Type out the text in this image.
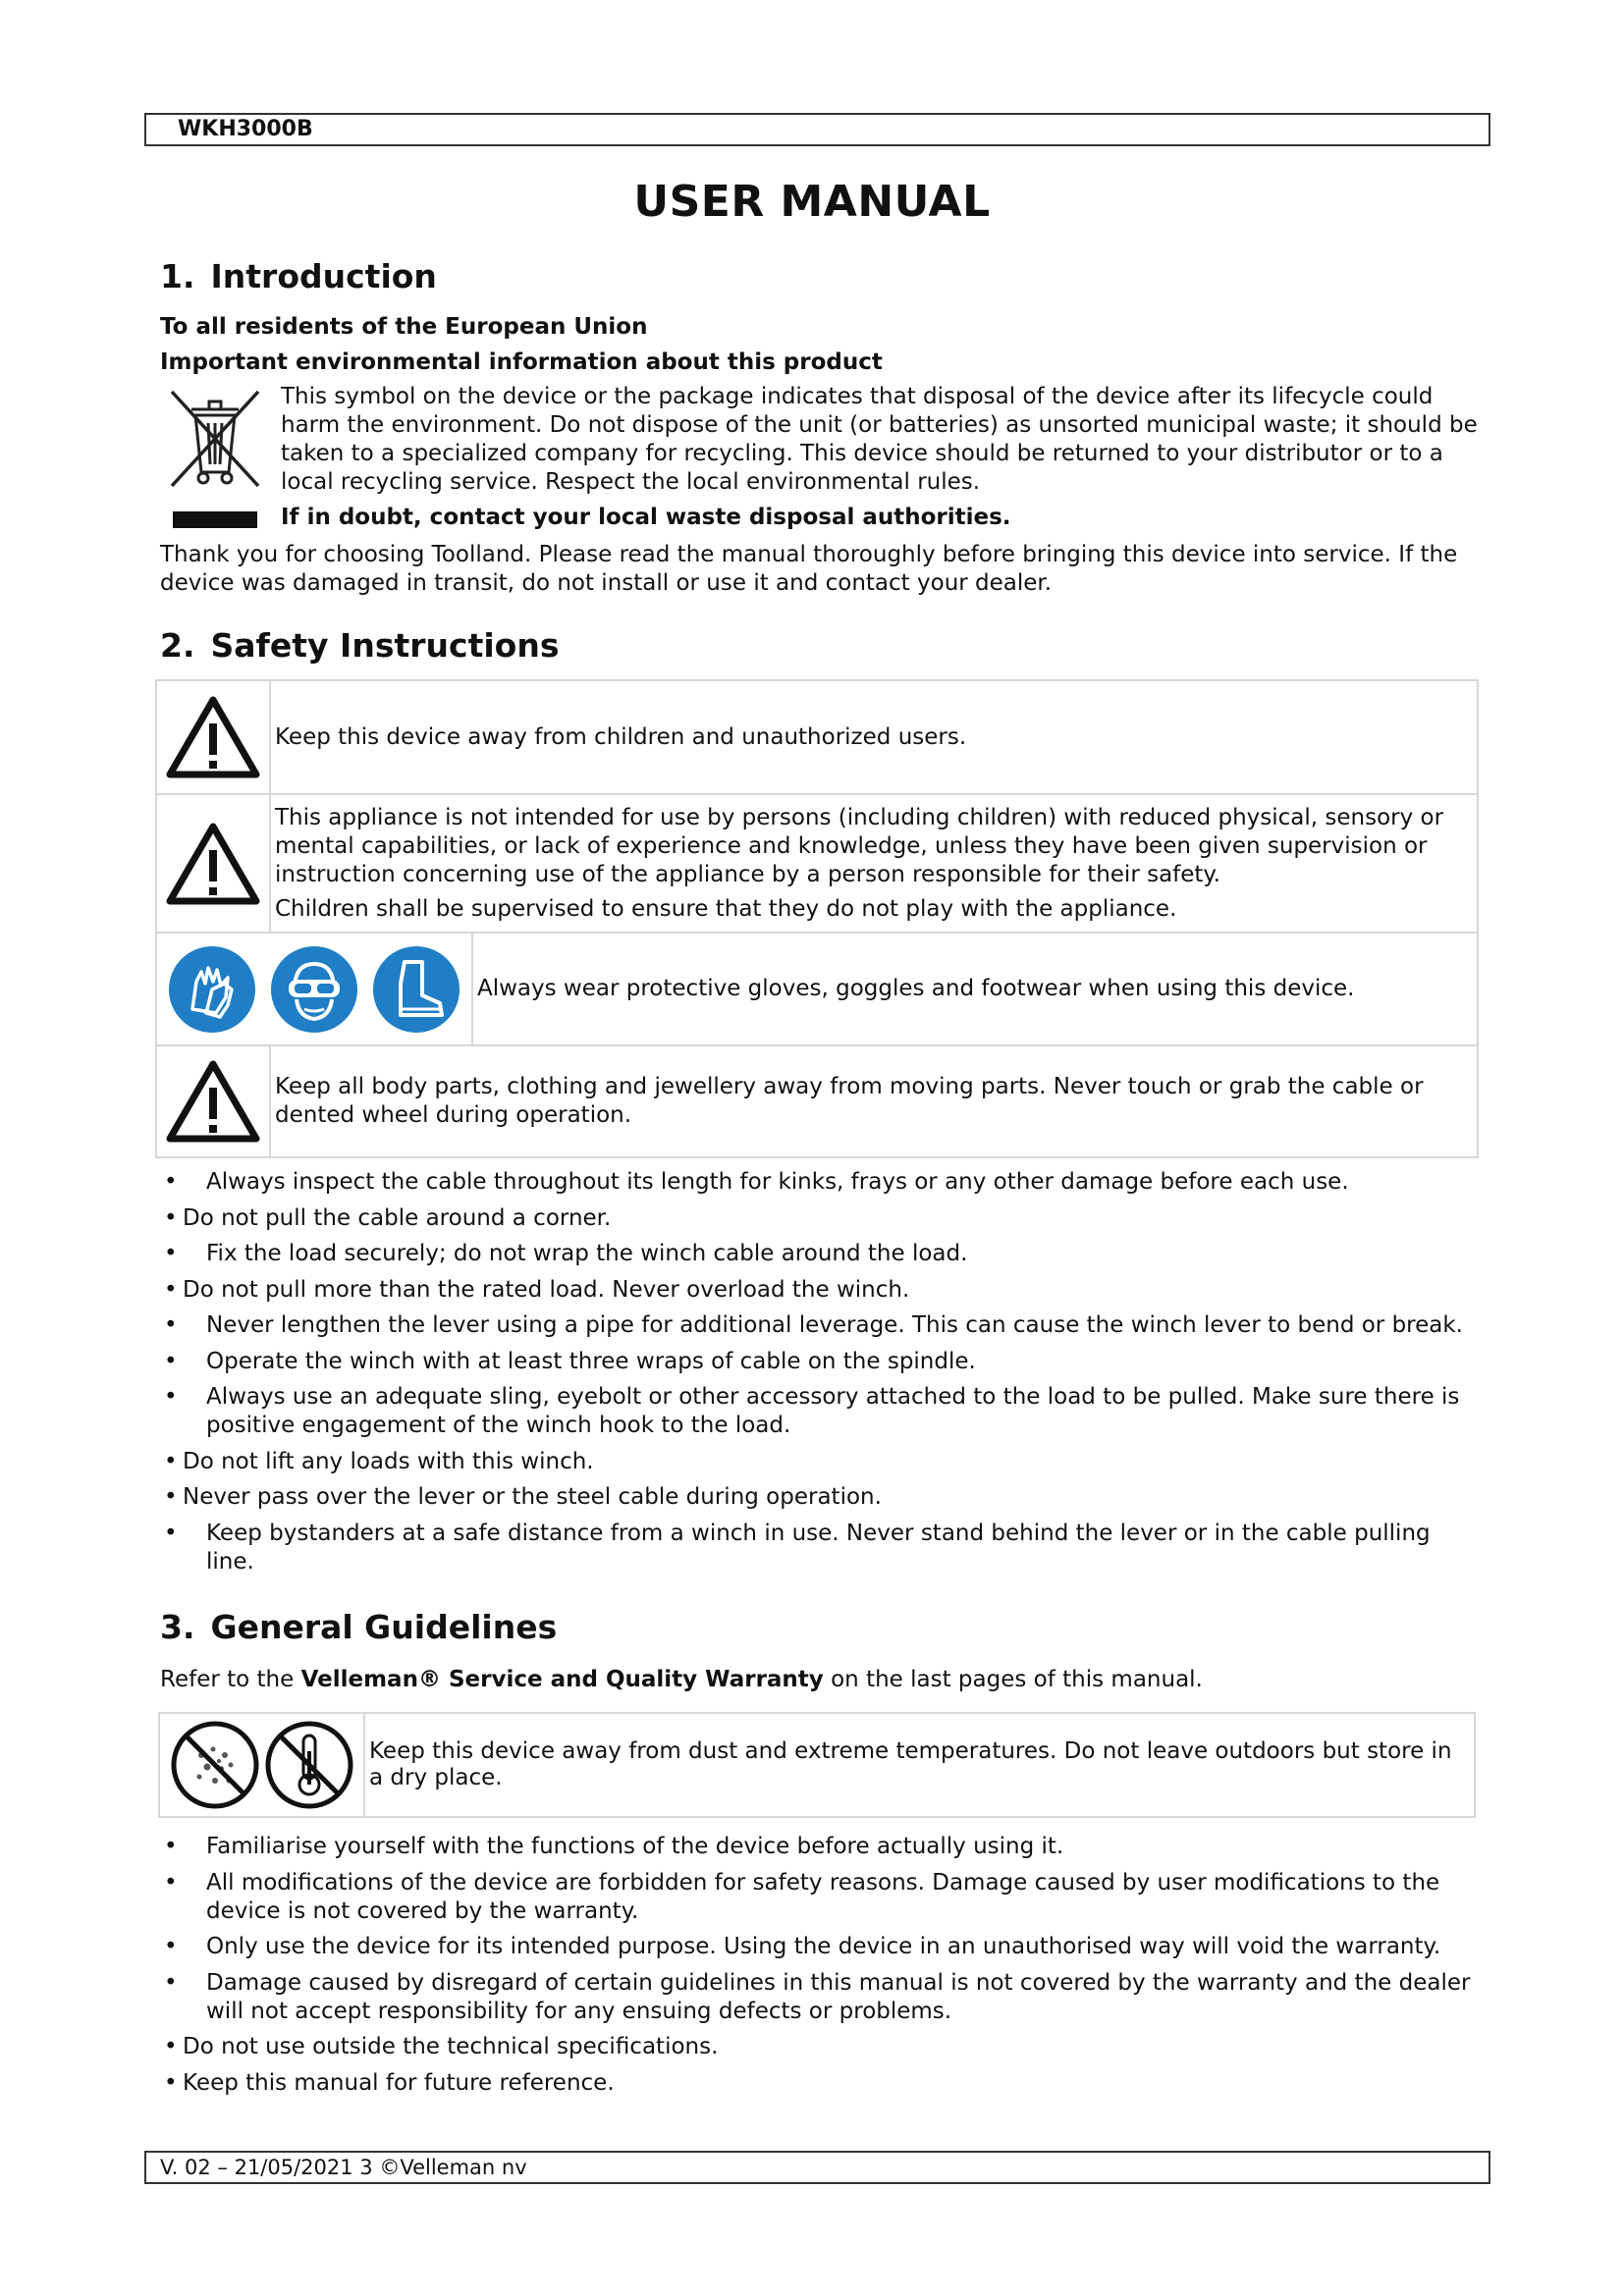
WKH3000B
USER MANUAL
1. Introduction
To all residents of the European Union
Important environmental information about this product
This symbol on the device or the package indicates that disposal of the device after its lifecycle could harm the environment. Do not dispose of the unit (or batteries) as unsorted municipal waste; it should be taken to a specialized company for recycling. This device should be returned to your distributor or to a local recycling service. Respect the local environmental rules.
If in doubt, contact your local waste disposal authorities.
Thank you for choosing Toolland. Please read the manual thoroughly before bringing this device into service. If the device was damaged in transit, do not install or use it and contact your dealer.
2. Safety Instructions

Keep this device away from children and unauthorized users.

This appliance is not intended for use by persons (including children) with reduced physical, sensory or mental capabilities, or lack of experience and knowledge, unless they have been given supervision or instruction concerning use of the appliance by a person responsible for their safety.

Children shall be supervised to ensure that they do not play with the appliance.

Always wear protective gloves, goggles and footwear when using this device.

Keep all body parts, clothing and jewellery away from moving parts. Never touch or grab the cable or dented wheel during operation.

• Always inspect the cable throughout its length for kinks, frays or any other damage before each use.
• Do not pull the cable around a corner.
• Fix the load securely; do not wrap the winch cable around the load.
• Do not pull more than the rated load. Never overload the winch.
• Never lengthen the lever using a pipe for additional leverage. This can cause the winch lever to bend or break.
• Operate the winch with at least three wraps of cable on the spindle.
• Always use an adequate sling, eyebolt or other accessory attached to the load to be pulled. Make sure there is positive engagement of the winch hook to the load.
• Do not lift any loads with this winch.
• Never pass over the lever or the steel cable during operation.
• Keep bystanders at a safe distance from a winch in use. Never stand behind the lever or in the cable pulling line.
3. General Guidelines
Refer to the Velleman® Service and Quality Warranty on the last pages of this manual.
Keep this device away from dust and extreme temperatures. Do not leave outdoors but store in a dry place.
• Familiarise yourself with the functions of the device before actually using it.
• All modifications of the device are forbidden for safety reasons. Damage caused by user modifications to the device is not covered by the warranty.
• Only use the device for its intended purpose. Using the device in an unauthorised way will void the warranty.
• Damage caused by disregard of certain guidelines in this manual is not covered by the warranty and the dealer will not accept responsibility for any ensuing defects or problems.
• Do not use outside the technical specifications.
• Keep this manual for future reference.
V. 02 – 21/05/2021 3 ©Velleman nv
